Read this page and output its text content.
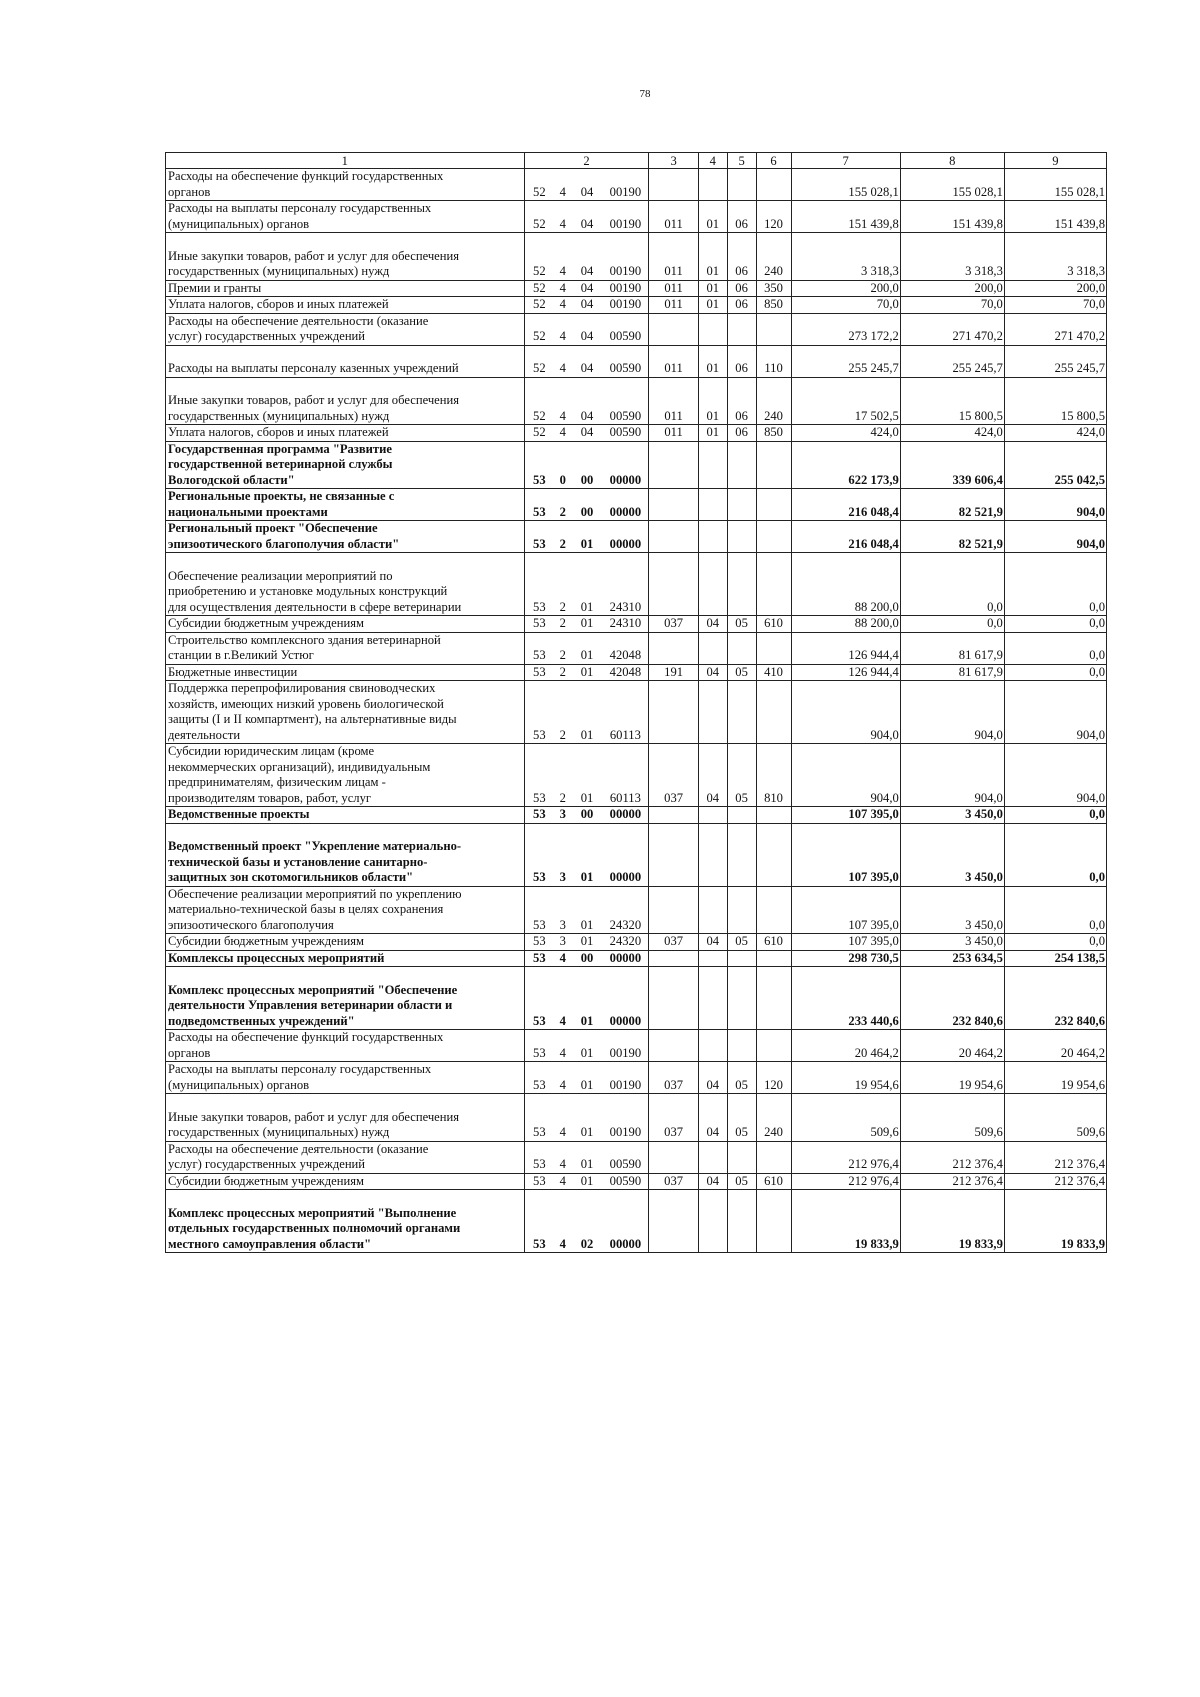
78
1	2				3	4	5	6	7	8	9

Расходы на обеспечение функций государственных
органов	52	4	04	00190					155 028,1	155 028,1	155 028,1

Расходы на выплаты персоналу государственных
(муниципальных) органов	52	4	04	00190	011	01	06	120	151 439,8	151 439,8	151 439,8

Иные закупки товаров, работ и услуг для обеспечения
государственных (муниципальных) нужд	52	4	04	00190	011	01	06	240	3 318,3	3 318,3	3 318,3

Премии и гранты	52	4	04	00190	011	01	06	350	200,0	200,0	200,0

Уплата налогов, сборов и иных платежей	52	4	04	00190	011	01	06	850	70,0	70,0	70,0

Расходы на обеспечение деятельности (оказание
услуг) государственных учреждений	52	4	04	00590					273 172,2	271 470,2	271 470,2

Расходы на выплаты персоналу казенных учреждений	52	4	04	00590	011	01	06	110	255 245,7	255 245,7	255 245,7

Иные закупки товаров, работ и услуг для обеспечения
государственных (муниципальных) нужд	52	4	04	00590	011	01	06	240	17 502,5	15 800,5	15 800,5

Уплата налогов, сборов и иных платежей	52	4	04	00590	011	01	06	850	424,0	424,0	424,0

Государственная программа "Развитие
государственной ветеринарной службы
Вологодской области"	53	0	00	00000					622 173,9	339 606,4	255 042,5

Региональные проекты, не связанные с
национальными проектами	53	2	00	00000					216 048,4	82 521,9	904,0

Региональный проект "Обеспечение
эпизоотического благополучия области"	53	2	01	00000					216 048,4	82 521,9	904,0

Обеспечение реализации мероприятий по
приобретению и установке модульных конструкций
для осуществления деятельности в сфере ветеринарии	53	2	01	24310					88 200,0	0,0	0,0

Субсидии бюджетным учреждениям	53	2	01	24310	037	04	05	610	88 200,0	0,0	0,0

Строительство комплексного здания ветеринарной
станции в г.Великий Устюг	53	2	01	42048					126 944,4	81 617,9	0,0

Бюджетные инвестиции	53	2	01	42048	191	04	05	410	126 944,4	81 617,9	0,0

Поддержка перепрофилирования свиноводческих
хозяйств, имеющих низкий уровень биологической
защиты (I и II компартмент), на альтернативные виды
деятельности	53	2	01	60113					904,0	904,0	904,0

Субсидии юридическим лицам (кроме
некоммерческих организаций), индивидуальным
предпринимателям, физическим лицам -
производителям товаров, работ, услуг	53	2	01	60113	037	04	05	810	904,0	904,0	904,0

Ведомственные проекты	53	3	00	00000					107 395,0	3 450,0	0,0

Ведомственный проект "Укрепление материально-
технической базы и установление санитарно-
защитных зон скотомогильников области"	53	3	01	00000					107 395,0	3 450,0	0,0

Обеспечение реализации мероприятий по укреплению
материально-технической базы в целях сохранения
эпизоотического благополучия	53	3	01	24320					107 395,0	3 450,0	0,0

Субсидии бюджетным учреждениям	53	3	01	24320	037	04	05	610	107 395,0	3 450,0	0,0

Комплексы процессных мероприятий	53	4	00	00000					298 730,5	253 634,5	254 138,5

Комплекс процессных мероприятий "Обеспечение
деятельности Управления ветеринарии области и
подведомственных учреждений"	53	4	01	00000					233 440,6	232 840,6	232 840,6

Расходы на обеспечение функций государственных
органов	53	4	01	00190					20 464,2	20 464,2	20 464,2

Расходы на выплаты персоналу государственных
(муниципальных) органов	53	4	01	00190	037	04	05	120	19 954,6	19 954,6	19 954,6

Иные закупки товаров, работ и услуг для обеспечения
государственных (муниципальных) нужд	53	4	01	00190	037	04	05	240	509,6	509,6	509,6

Расходы на обеспечение деятельности (оказание
услуг) государственных учреждений	53	4	01	00590					212 976,4	212 376,4	212 376,4

Субсидии бюджетным учреждениям	53	4	01	00590	037	04	05	610	212 976,4	212 376,4	212 376,4

Комплекс процессных мероприятий "Выполнение
отдельных государственных полномочий органами
местного самоуправления области"	53	4	02	00000					19 833,9	19 833,9	19 833,9
